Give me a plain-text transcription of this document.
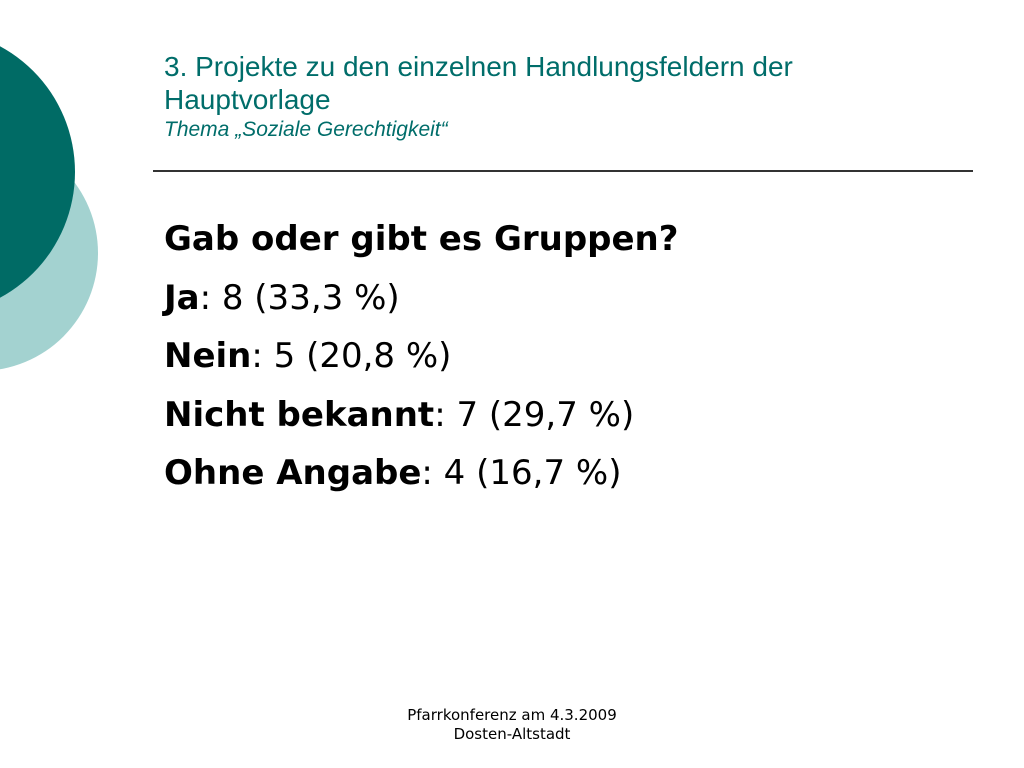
3. Projekte zu den einzelnen Handlungsfeldern der

Hauptvorlage

Thema „Soziale Gerechtigkeit“

Gab oder gibt es Gruppen?
Ja: 8 (33,3 %)
Nein: 5 (20,8 %)
Nicht bekannt: 7 (29,7 %)
Ohne Angabe: 4 (16,7 %)
Pfarrkonferenz am 4.3.2009
Dosten-Altstadt
